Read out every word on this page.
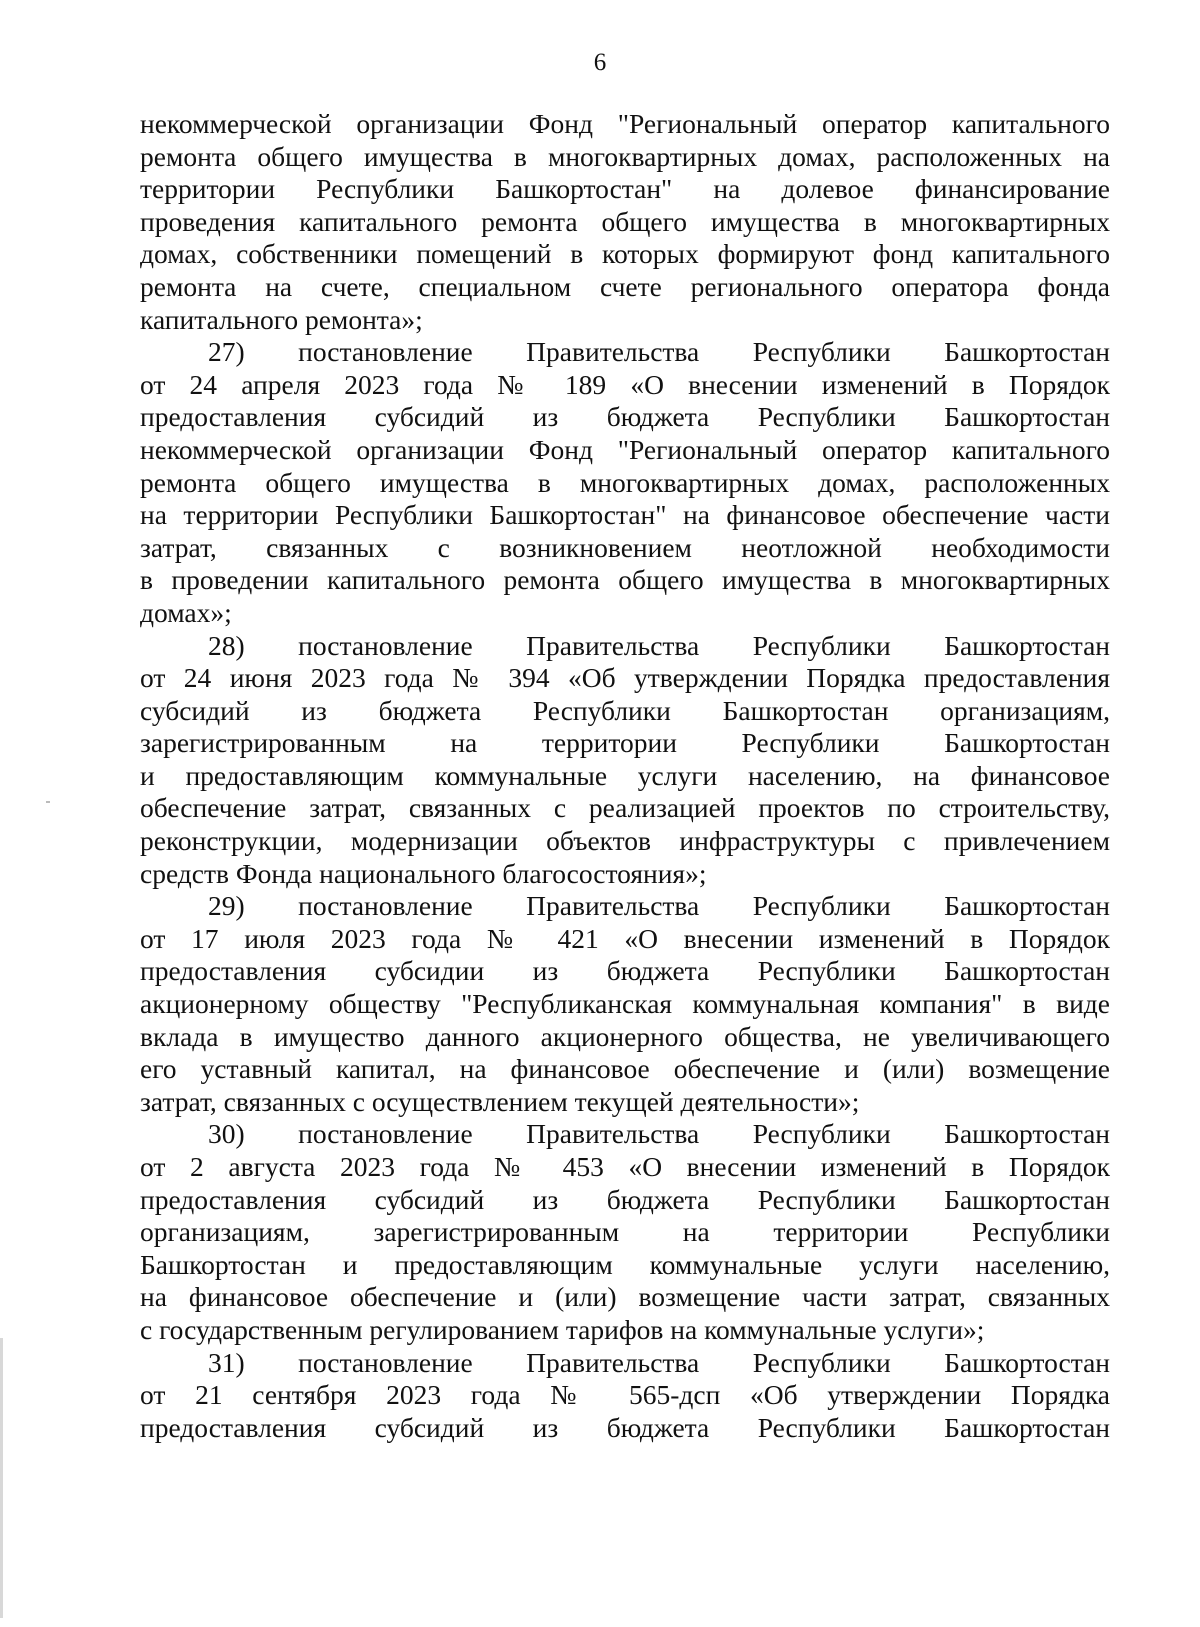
6
некоммерческой организации Фонд "Региональный оператор капитального
ремонта общего имущества в многоквартирных домах, расположенных на
территории Республики Башкортостан" на долевое финансирование
проведения капитального ремонта общего имущества в многоквартирных
домах, собственники помещений в которых формируют фонд капитального
ремонта на счете, специальном счете регионального оператора фонда
капитального ремонта»;
27) постановление Правительства Республики Башкортостан
от 24 апреля 2023 года № 189 «О внесении изменений в Порядок
предоставления субсидий из бюджета Республики Башкортостан
некоммерческой организации Фонд "Региональный оператор капитального
ремонта общего имущества в многоквартирных домах, расположенных
на территории Республики Башкортостан" на финансовое обеспечение части
затрат, связанных с возникновением неотложной необходимости
в проведении капитального ремонта общего имущества в многоквартирных
домах»;
28) постановление Правительства Республики Башкортостан
от 24 июня 2023 года № 394 «Об утверждении Порядка предоставления
субсидий из бюджета Республики Башкортостан организациям,
зарегистрированным на территории Республики Башкортостан
и предоставляющим коммунальные услуги населению, на финансовое
обеспечение затрат, связанных с реализацией проектов по строительству,
реконструкции, модернизации объектов инфраструктуры с привлечением
средств Фонда национального благосостояния»;
29) постановление Правительства Республики Башкортостан
от 17 июля 2023 года № 421 «О внесении изменений в Порядок
предоставления субсидии из бюджета Республики Башкортостан
акционерному обществу "Республиканская коммунальная компания" в виде
вклада в имущество данного акционерного общества, не увеличивающего
его уставный капитал, на финансовое обеспечение и (или) возмещение
затрат, связанных с осуществлением текущей деятельности»;
30) постановление Правительства Республики Башкортостан
от 2 августа 2023 года № 453 «О внесении изменений в Порядок
предоставления субсидий из бюджета Республики Башкортостан
организациям, зарегистрированным на территории Республики
Башкортостан и предоставляющим коммунальные услуги населению,
на финансовое обеспечение и (или) возмещение части затрат, связанных
с государственным регулированием тарифов на коммунальные услуги»;
31) постановление Правительства Республики Башкортостан
от 21 сентября 2023 года № 565-дсп «Об утверждении Порядка
предоставления субсидий из бюджета Республики Башкортостан
